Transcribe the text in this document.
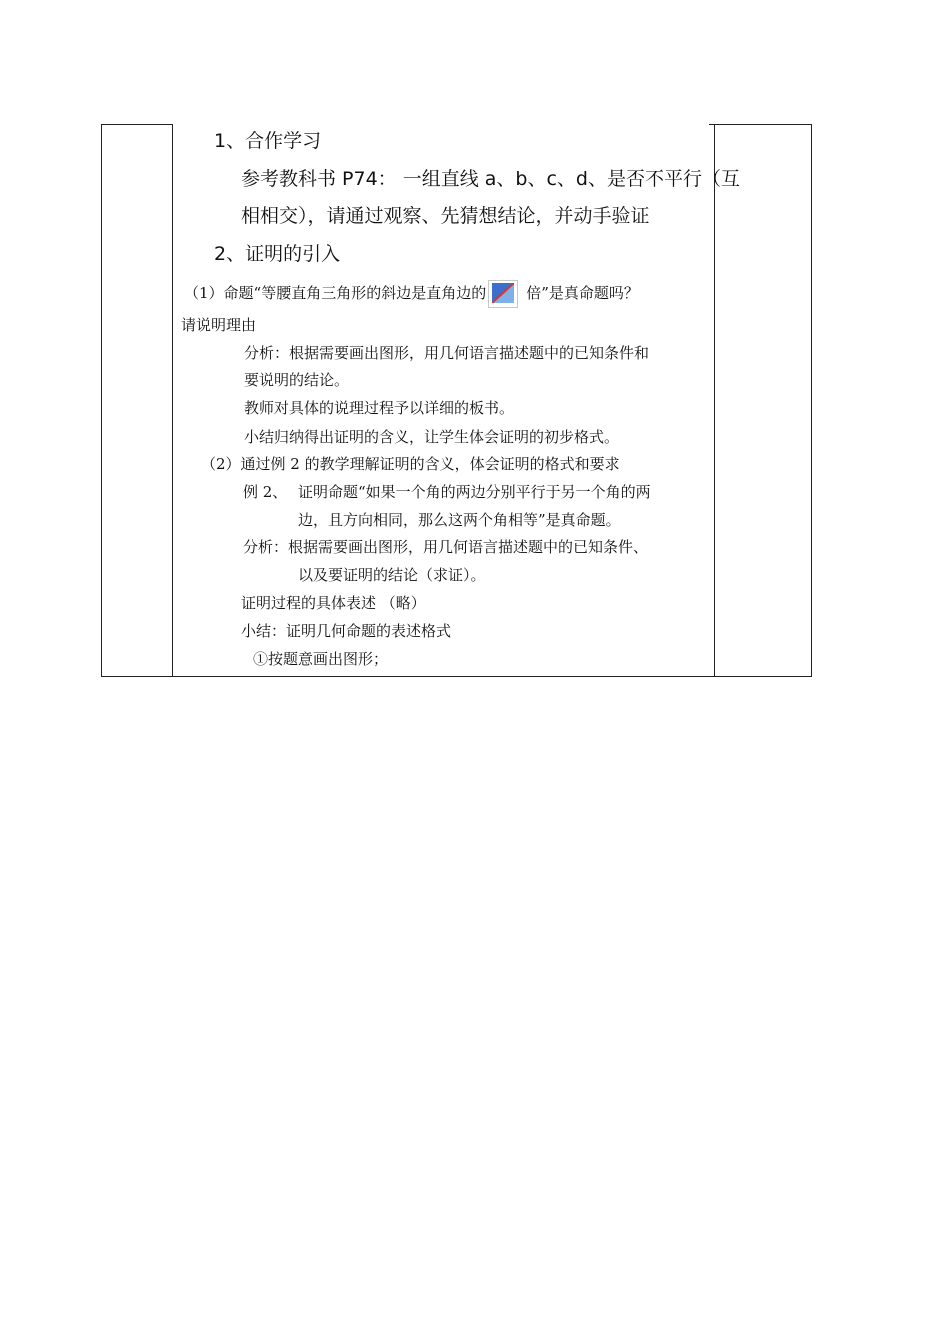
1、合作学习
参考教科书 P74： 一组直线 a、b、c、d、是否不平行（互
相相交），请通过观察、先猜想结论，并动手验证
2、证明的引入
（1）命题“等腰直角三角形的斜边是直角边的	倍”是真命题吗？
请说明理由
分析：根据需要画出图形，用几何语言描述题中的已知条件和
要说明的结论。
教师对具体的说理过程予以详细的板书。
小结归纳得出证明的含义，让学生体会证明的初步格式。
（2）通过例 2 的教学理解证明的含义，体会证明的格式和要求
例 2、 证明命题“如果一个角的两边分别平行于另一个角的两
边，且方向相同，那么这两个角相等”是真命题。
分析：根据需要画出图形，用几何语言描述题中的已知条件、
以及要证明的结论（求证）。
证明过程的具体表述 （略）
小结：证明几何命题的表述格式
①按题意画出图形；
